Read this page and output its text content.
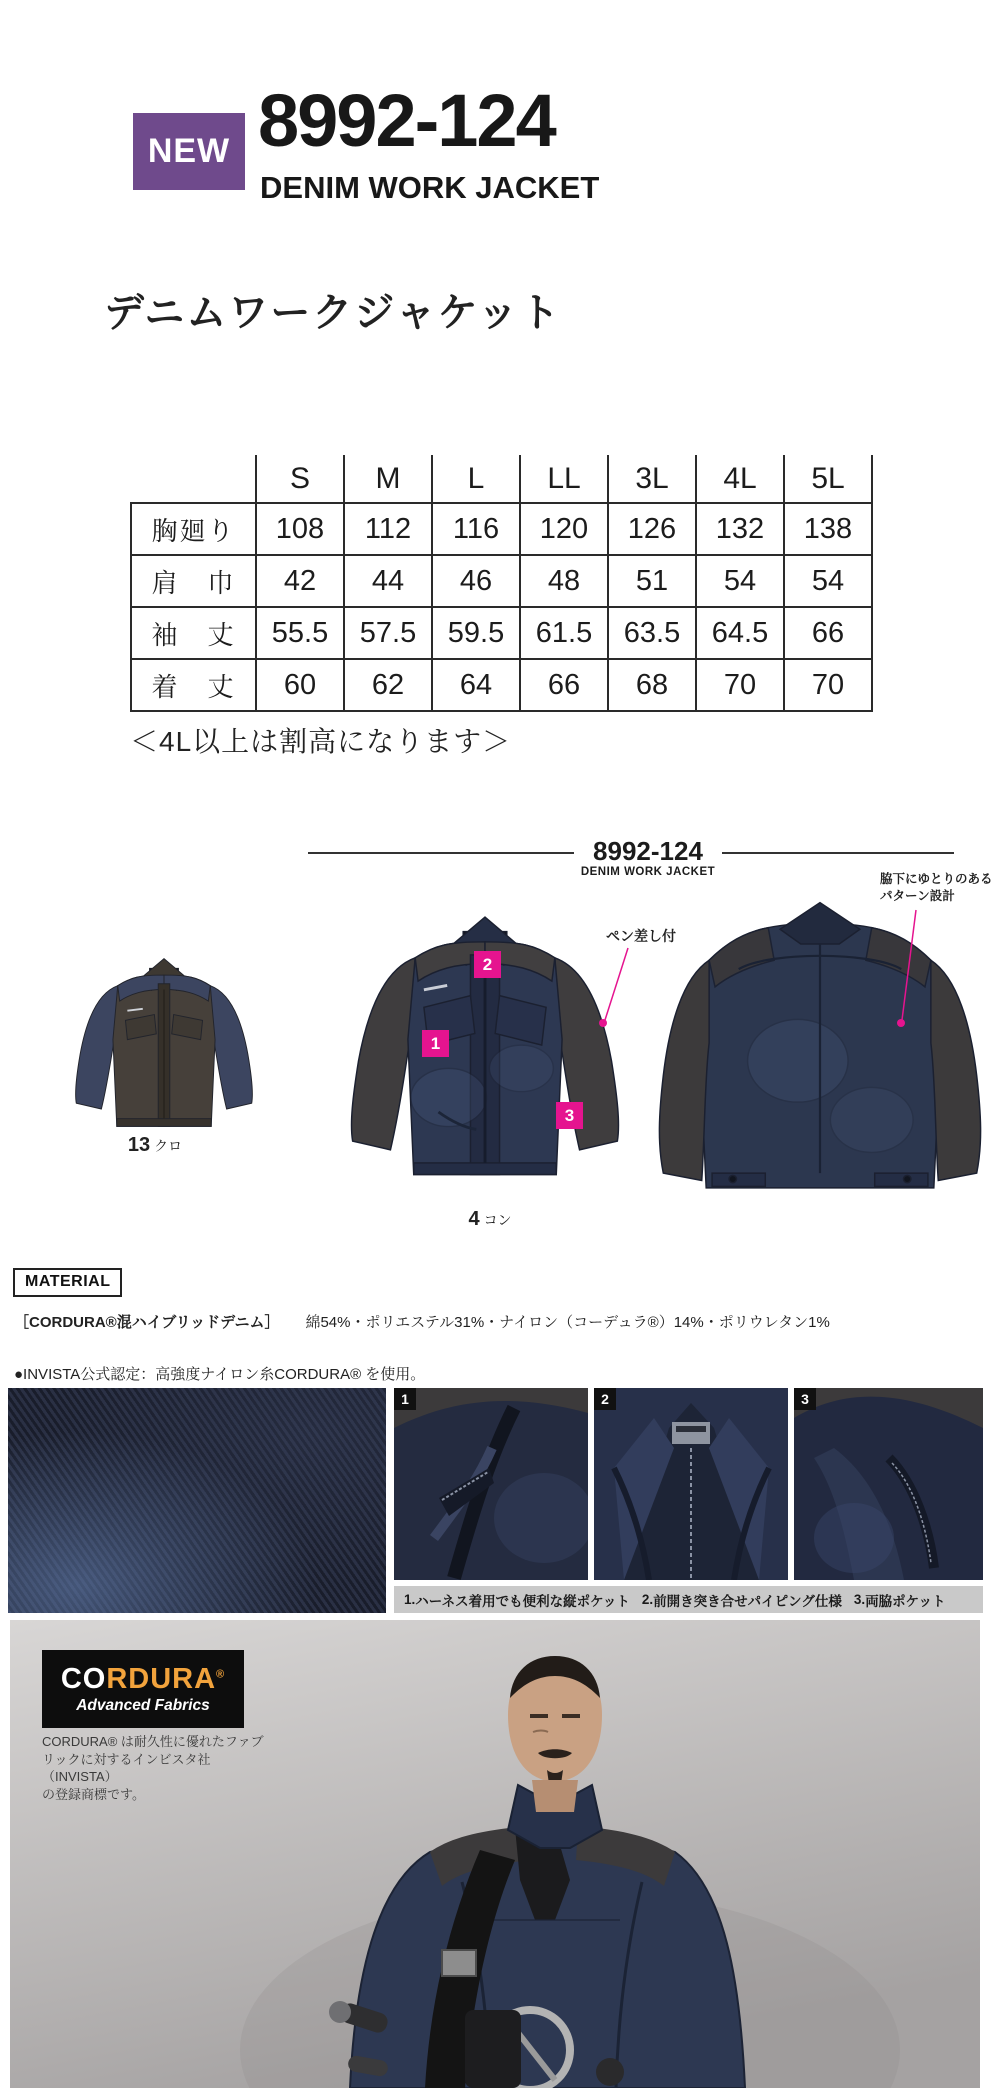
NEW 8992-124
DENIM WORK JACKET
デニムワークジャケット
	S	M	L	LL	3L	4L	5L
胸廻り	108	112	116	120	126	132	138
肩　巾	42	44	46	48	51	54	54
袖　丈	55.5	57.5	59.5	61.5	63.5	64.5	66
着　丈	60	62	64	66	68	70	70
＜4L以上は割高になります＞
8992-124
DENIM WORK JACKET
1
2
3
ペン差し付
脇下にゆとりのある
パターン設計
13 クロ
4 コン
MATERIAL
［CORDURA®混ハイブリッドデニム］ 綿54%・ポリエステル31%・ナイロン（コーデュラ®）14%・ポリウレタン1%
●INVISTA公式認定：高強度ナイロン糸CORDURA® を使用。
1	2	3
1. ハーネス着用でも便利な縦ポケット 2. 前開き突き合せパイピング仕様 3. 両脇ポケット
CORDURA®
Advanced Fabrics
CORDURA® は耐久性に優れたファブ
リックに対するインビスタ社（INVISTA）
の登録商標です。
